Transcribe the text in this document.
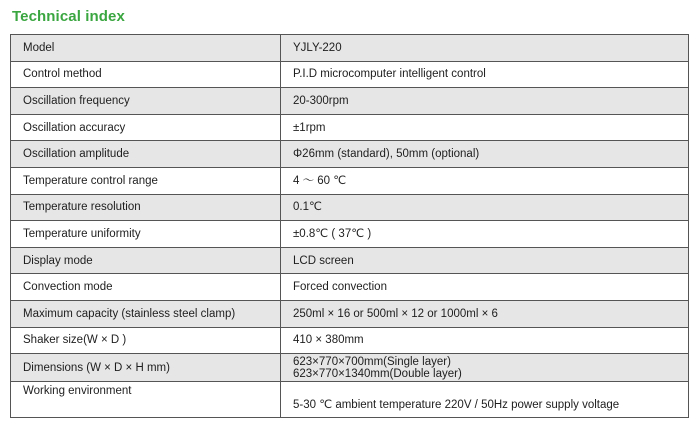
Technical index
Model	YJLY-220
Control method	P.I.D microcomputer intelligent control
Oscillation frequency	20-300rpm
Oscillation accuracy	±1rpm
Oscillation amplitude	Φ26mm (standard), 50mm (optional)
Temperature control range	4 ～ 60 ℃
Temperature resolution	0.1℃
Temperature uniformity	±0.8℃ ( 37℃ )
Display mode	LCD screen
Convection mode	Forced convection
Maximum capacity (stainless steel clamp)	250ml × 16 or 500ml × 12 or 1000ml × 6
Shaker size(W × D )	410 × 380mm
Dimensions (W × D × H mm)	623×770×700mm(Single layer)
623×770×1340mm(Double layer)

Working environment	5-30 ℃ ambient temperature 220V / 50Hz power supply voltage
